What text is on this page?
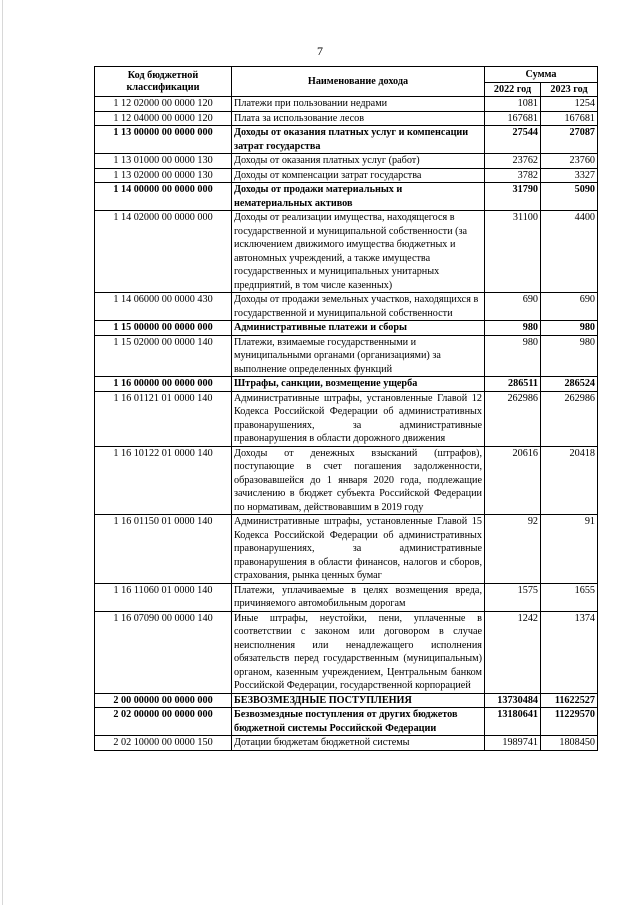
7
Код бюджетной классификации	Наименование дохода	Сумма	
		2022 год	2023 год
1 12 02000 00 0000 120	Платежи при пользовании недрами	1081	1254
1 12 04000 00 0000 120	Плата за использование лесов	167681	167681
1 13 00000 00 0000 000	Доходы от оказания платных услуг и компенсации затрат государства	27544	27087
1 13 01000 00 0000 130	Доходы от оказания платных услуг (работ)	23762	23760
1 13 02000 00 0000 130	Доходы от компенсации затрат государства	3782	3327
1 14 00000 00 0000 000	Доходы от продажи материальных и нематериальных активов	31790	5090
1 14 02000 00 0000 000	Доходы от реализации имущества, находящегося в государственной и муниципальной собственности (за исключением движимого имущества бюджетных и автономных учреждений, а также имущества государственных и муниципальных унитарных предприятий, в том числе казенных)	31100	4400
1 14 06000 00 0000 430	Доходы от продажи земельных участков, находящихся в государственной и муниципальной собственности	690	690
1 15 00000 00 0000 000	Административные платежи и сборы	980	980
1 15 02000 00 0000 140	Платежи, взимаемые государственными и муниципальными органами (организациями) за выполнение определенных функций	980	980
1 16 00000 00 0000 000	Штрафы, санкции, возмещение ущерба	286511	286524
1 16 01121 01 0000 140	Административные штрафы, установленные Главой 12 Кодекса Российской Федерации об административных правонарушениях, за административные правонарушения в области дорожного движения	262986	262986
1 16 10122 01 0000 140	Доходы от денежных взысканий (штрафов), поступающие в счет погашения задолженности, образовавшейся до 1 января 2020 года, подлежащие зачислению в бюджет субъекта Российской Федерации по нормативам, действовавшим в 2019 году	20616	20418
1 16 01150 01 0000 140	Административные штрафы, установленные Главой 15 Кодекса Российской Федерации об административных правонарушениях, за административные правонарушения в области финансов, налогов и сборов, страхования, рынка ценных бумаг	92	91
1 16 11060 01 0000 140	Платежи, уплачиваемые в целях возмещения вреда, причиняемого автомобильным дорогам	1575	1655
1 16 07090 00 0000 140	Иные штрафы, неустойки, пени, уплаченные в соответствии с законом или договором в случае неисполнения или ненадлежащего исполнения обязательств перед государственным (муниципальным) органом, казенным учреждением, Центральным банком Российской Федерации, государственной корпорацией	1242	1374
2 00 00000 00 0000 000	БЕЗВОЗМЕЗДНЫЕ ПОСТУПЛЕНИЯ	13730484	11622527
2 02 00000 00 0000 000	Безвозмездные поступления от других бюджетов бюджетной системы Российской Федерации	13180641	11229570
2 02 10000 00 0000 150	Дотации бюджетам бюджетной системы	1989741	1808450
